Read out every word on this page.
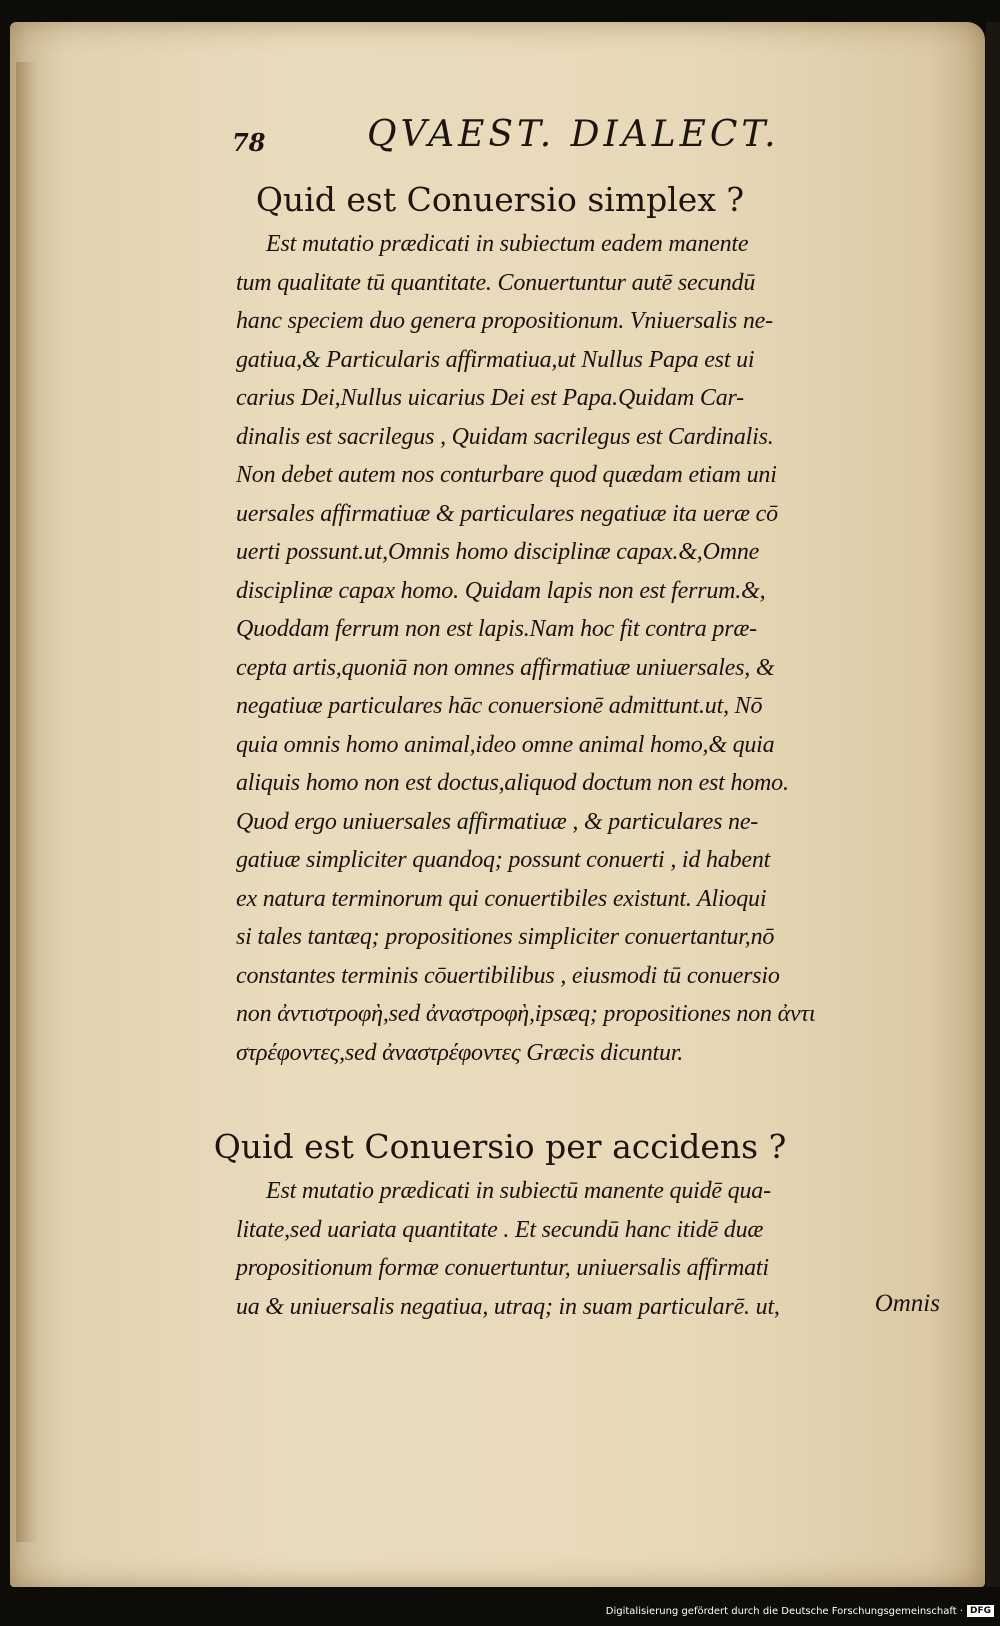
78	QVAEST. DIALECT.
Quid est Conuersio simplex ?
Est mutatio prædicati in subiectum eadem manente
tum qualitate tū quantitate. Conuertuntur autē secundū
hanc speciem duo genera propositionum. Vniuersalis ne-
gatiua,& Particularis affirmatiua,ut Nullus Papa est ui
carius Dei,Nullus uicarius Dei est Papa.Quidam Car-
dinalis est sacrilegus , Quidam sacrilegus est Cardinalis.
Non debet autem nos conturbare quod quædam etiam uni
uersales affirmatiuæ & particulares negatiuæ ita ueræ cō
uerti possunt.ut,Omnis homo disciplinæ capax.&,Omne
disciplinæ capax homo. Quidam lapis non est ferrum.&,
Quoddam ferrum non est lapis.Nam hoc fit contra præ-
cepta artis,quoniā non omnes affirmatiuæ uniuersales, &
negatiuæ particulares hāc conuersionē admittunt.ut, Nō
quia omnis homo animal,ideo omne animal homo,& quia
aliquis homo non est doctus,aliquod doctum non est homo.
Quod ergo uniuersales affirmatiuæ , & particulares ne-
gatiuæ simpliciter quandoq; possunt conuerti , id habent
ex natura terminorum qui conuertibiles existunt. Alioqui
si tales tantæq; propositiones simpliciter conuertantur,nō
constantes terminis cōuertibilibus , eiusmodi tū conuersio
non ἀντιστροφὴ,sed ἀναστροφὴ,ipsæq; propositiones non ἀντι
στρέφοντες,sed ἀναστρέφοντες Græcis dicuntur.
Quid est Conuersio per accidens ?
Est mutatio prædicati in subiectū manente quidē qua-
litate,sed uariata quantitate . Et secundū hanc itidē duæ
propositionum formæ conuertuntur, uniuersalis affirmati
ua & uniuersalis negatiua, utraq; in suam particularē. ut,	Omnis
Digitalisierung gefördert durch die Deutsche Forschungsgemeinschaft · DFG
